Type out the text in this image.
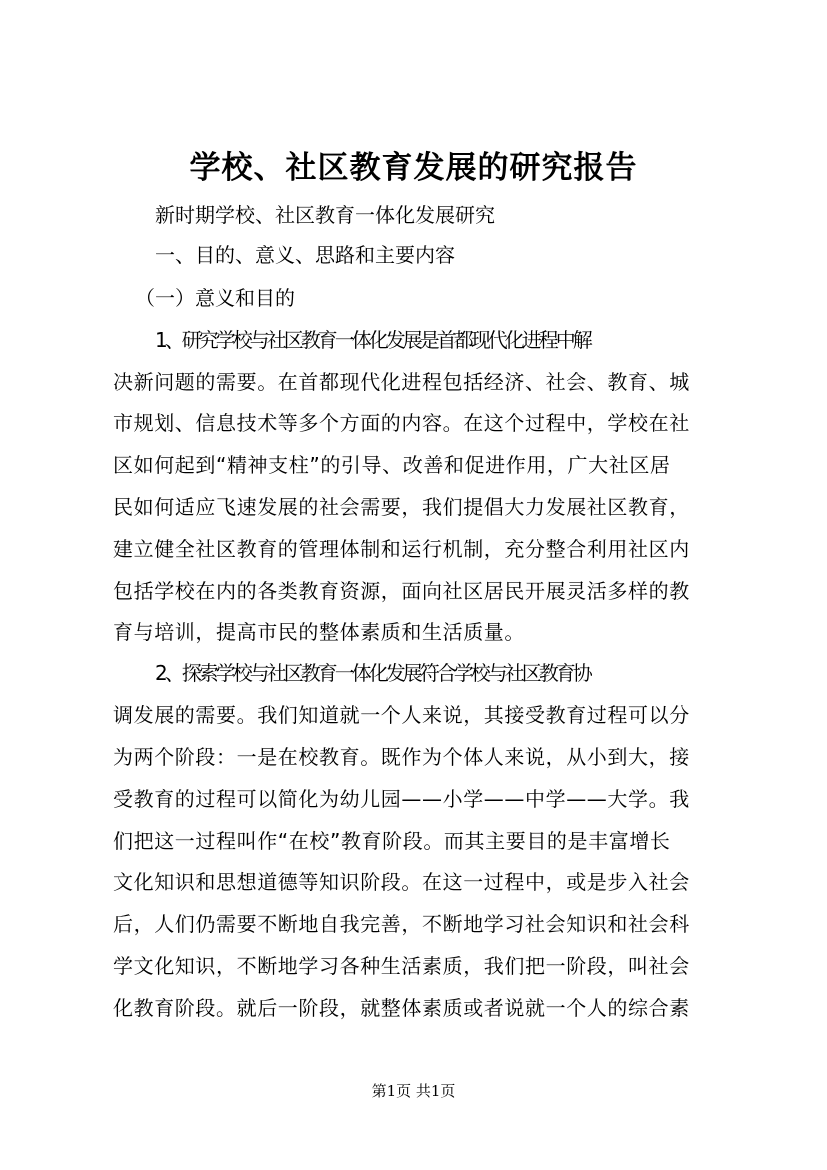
学校、社区教育发展的研究报告
新时期学校、社区教育一体化发展研究
一、目的、意义、思路和主要内容
（一）意义和目的
1、研究学校与社区教育一体化发展是首都现代化进程中解
决新问题的需要。在首都现代化进程包括经济、社会、教育、城
市规划、信息技术等多个方面的内容。在这个过程中，学校在社
区如何起到“精神支柱”的引导、改善和促进作用，广大社区居
民如何适应飞速发展的社会需要，我们提倡大力发展社区教育，
建立健全社区教育的管理体制和运行机制，充分整合利用社区内
包括学校在内的各类教育资源，面向社区居民开展灵活多样的教
育与培训，提高市民的整体素质和生活质量。
2、探索学校与社区教育一体化发展符合学校与社区教育协
调发展的需要。我们知道就一个人来说，其接受教育过程可以分
为两个阶段：一是在校教育。既作为个体人来说，从小到大，接
受教育的过程可以简化为幼儿园——小学——中学——大学。我
们把这一过程叫作“在校”教育阶段。而其主要目的是丰富增长
文化知识和思想道德等知识阶段。在这一过程中，或是步入社会
后，人们仍需要不断地自我完善，不断地学习社会知识和社会科
学文化知识，不断地学习各种生活素质，我们把一阶段，叫社会
化教育阶段。就后一阶段，就整体素质或者说就一个人的综合素
第1页 共1页
